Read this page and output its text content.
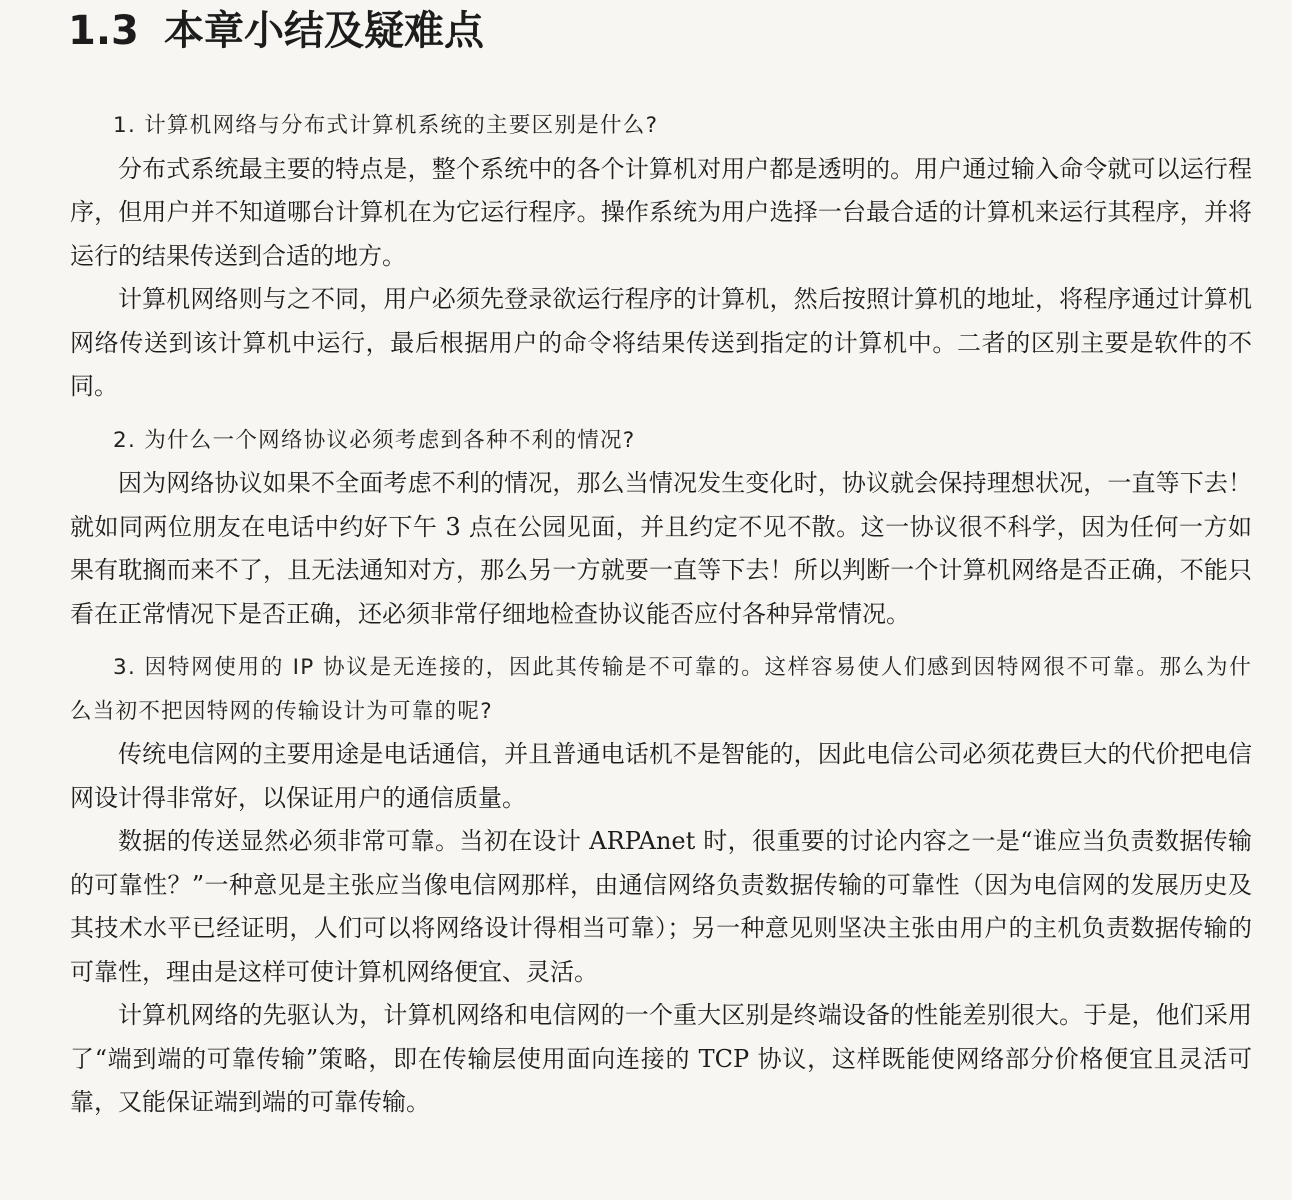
1.3 本章小结及疑难点

1. 计算机网络与分布式计算机系统的主要区别是什么?

分布式系统最主要的特点是，整个系统中的各个计算机对用户都是透明的。用户通过输入命令就可以运行程序，但用户并不知道哪台计算机在为它运行程序。操作系统为用户选择一台最合适的计算机来运行其程序，并将运行的结果传送到合适的地方。

计算机网络则与之不同，用户必须先登录欲运行程序的计算机，然后按照计算机的地址，将程序通过计算机网络传送到该计算机中运行，最后根据用户的命令将结果传送到指定的计算机中。二者的区别主要是软件的不同。

2. 为什么一个网络协议必须考虑到各种不利的情况?

因为网络协议如果不全面考虑不利的情况，那么当情况发生变化时，协议就会保持理想状况，一直等下去！就如同两位朋友在电话中约好下午 3 点在公园见面，并且约定不见不散。这一协议很不科学，因为任何一方如果有耽搁而来不了，且无法通知对方，那么另一方就要一直等下去！所以判断一个计算机网络是否正确，不能只看在正常情况下是否正确，还必须非常仔细地检查协议能否应付各种异常情况。

3. 因特网使用的 IP 协议是无连接的，因此其传输是不可靠的。这样容易使人们感到因特网很不可靠。那么为什么当初不把因特网的传输设计为可靠的呢?

传统电信网的主要用途是电话通信，并且普通电话机不是智能的，因此电信公司必须花费巨大的代价把电信网设计得非常好，以保证用户的通信质量。

数据的传送显然必须非常可靠。当初在设计 ARPAnet 时，很重要的讨论内容之一是“谁应当负责数据传输的可靠性？”一种意见是主张应当像电信网那样，由通信网络负责数据传输的可靠性（因为电信网的发展历史及其技术水平已经证明，人们可以将网络设计得相当可靠）；另一种意见则坚决主张由用户的主机负责数据传输的可靠性，理由是这样可使计算机网络便宜、灵活。

计算机网络的先驱认为，计算机网络和电信网的一个重大区别是终端设备的性能差别很大。于是，他们采用了“端到端的可靠传输”策略，即在传输层使用面向连接的 TCP 协议，这样既能使网络部分价格便宜且灵活可靠，又能保证端到端的可靠传输。
